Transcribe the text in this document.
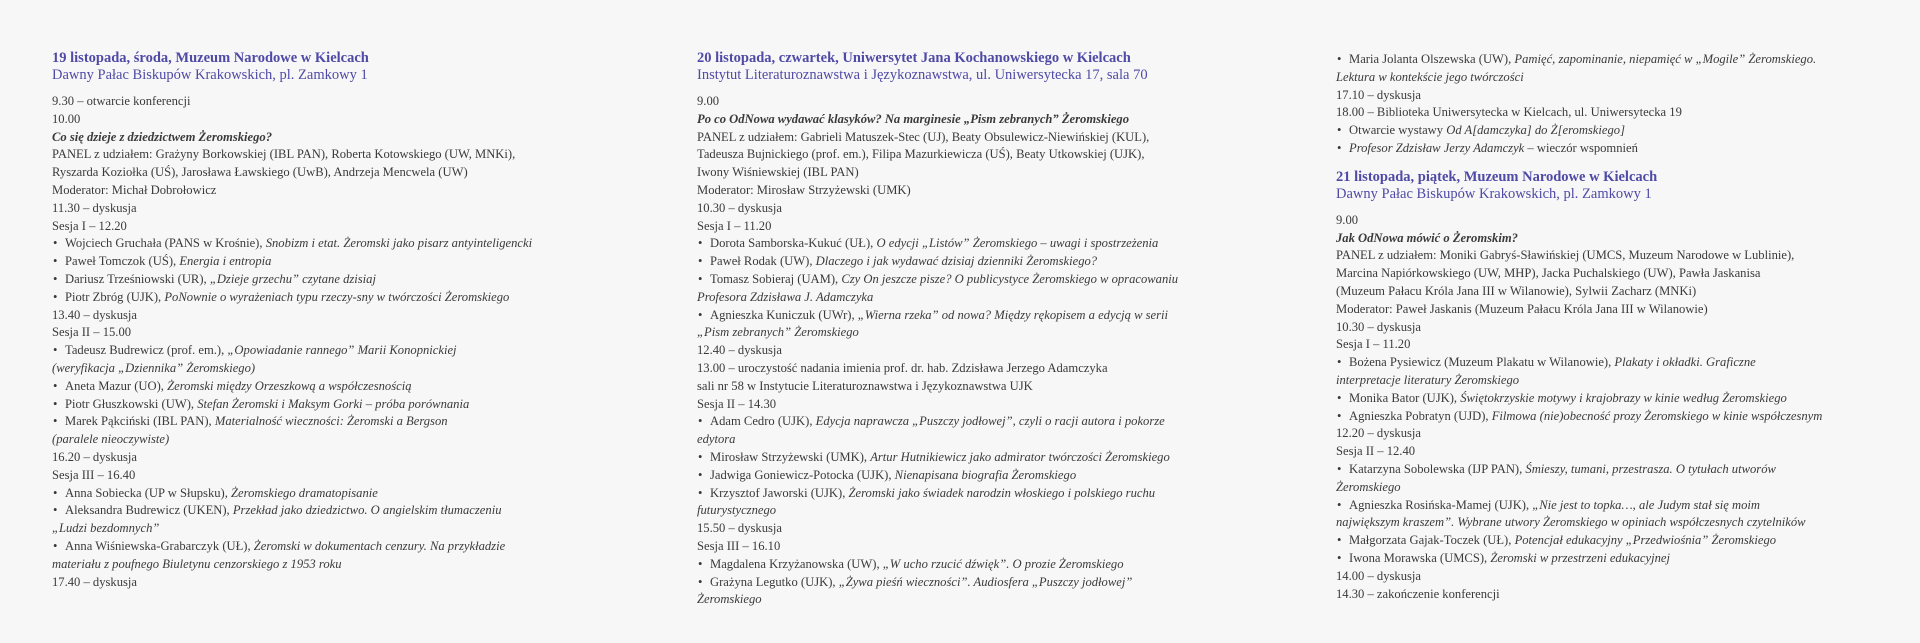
19 listopada, środa, Muzeum Narodowe w Kielcach
Dawny Pałac Biskupów Krakowskich, pl. Zamkowy 1
9.30 – otwarcie konferencji
10.00
Co się dzieje z dziedzictwem Żeromskiego?
PANEL z udziałem: Grażyny Borkowskiej (IBL PAN), Roberta Kotowskiego (UW, MNKi),
Ryszarda Koziołka (UŚ), Jarosława Ławskiego (UwB), Andrzeja Mencwela (UW)
Moderator: Michał Dobrołowicz
11.30 – dyskusja
Sesja I – 12.20
• Wojciech Gruchała (PANS w Krośnie), Snobizm i etat. Żeromski jako pisarz antyinteligencki
• Paweł Tomczok (UŚ), Energia i entropia
• Dariusz Trześniowski (UR), „Dzieje grzechu” czytane dzisiaj
• Piotr Zbróg (UJK), PoNownie o wyrażeniach typu rzeczy-sny w twórczości Żeromskiego
13.40 – dyskusja
Sesja II – 15.00
• Tadeusz Budrewicz (prof. em.), „Opowiadanie rannego” Marii Konopnickiej
(weryfikacja „Dziennika” Żeromskiego)
• Aneta Mazur (UO), Żeromski między Orzeszkową a współczesnością
• Piotr Głuszkowski (UW), Stefan Żeromski i Maksym Gorki – próba porównania
• Marek Pąkciński (IBL PAN), Materialność wieczności: Żeromski a Bergson
(paralele nieoczywiste)
16.20 – dyskusja
Sesja III – 16.40
• Anna Sobiecka (UP w Słupsku), Żeromskiego dramatopisanie
• Aleksandra Budrewicz (UKEN), Przekład jako dziedzictwo. O angielskim tłumaczeniu
„Ludzi bezdomnych”
• Anna Wiśniewska-Grabarczyk (UŁ), Żeromski w dokumentach cenzury. Na przykładzie
materiału z poufnego Biuletynu cenzorskiego z 1953 roku
17.40 – dyskusja
20 listopada, czwartek, Uniwersytet Jana Kochanowskiego w Kielcach
Instytut Literaturoznawstwa i Językoznawstwa, ul. Uniwersytecka 17, sala 70
9.00
Po co OdNowa wydawać klasyków? Na marginesie „Pism zebranych” Żeromskiego
PANEL z udziałem: Gabrieli Matuszek-Stec (UJ), Beaty Obsulewicz-Niewińskiej (KUL),
Tadeusza Bujnickiego (prof. em.), Filipa Mazurkiewicza (UŚ), Beaty Utkowskiej (UJK),
Iwony Wiśniewskiej (IBL PAN)
Moderator: Mirosław Strzyżewski (UMK)
10.30 – dyskusja
Sesja I – 11.20
• Dorota Samborska-Kukuć (UŁ), O edycji „Listów” Żeromskiego – uwagi i spostrzeżenia
• Paweł Rodak (UW), Dlaczego i jak wydawać dzisiaj dzienniki Żeromskiego?
• Tomasz Sobieraj (UAM), Czy On jeszcze pisze? O publicystyce Żeromskiego w opracowaniu
Profesora Zdzisława J. Adamczyka
• Agnieszka Kuniczuk (UWr), „Wierna rzeka” od nowa? Między rękopisem a edycją w serii
„Pism zebranych” Żeromskiego
12.40 – dyskusja
13.00 – uroczystość nadania imienia prof. dr. hab. Zdzisława Jerzego Adamczyka
sali nr 58 w Instytucie Literaturoznawstwa i Językoznawstwa UJK
Sesja II – 14.30
• Adam Cedro (UJK), Edycja naprawcza „Puszczy jodłowej”, czyli o racji autora i pokorze
edytora
• Mirosław Strzyżewski (UMK), Artur Hutnikiewicz jako admirator twórczości Żeromskiego
• Jadwiga Goniewicz-Potocka (UJK), Nienapisana biografia Żeromskiego
• Krzysztof Jaworski (UJK), Żeromski jako świadek narodzin włoskiego i polskiego ruchu
futurystycznego
15.50 – dyskusja
Sesja III – 16.10
• Magdalena Krzyżanowska (UW), „W ucho rzucić dźwięk”. O prozie Żeromskiego
• Grażyna Legutko (UJK), „Żywa pieśń wieczności”. Audiosfera „Puszczy jodłowej”
Żeromskiego
• Maria Jolanta Olszewska (UW), Pamięć, zapominanie, niepamięć w „Mogile” Żeromskiego.
Lektura w kontekście jego twórczości
17.10 – dyskusja
18.00 – Biblioteka Uniwersytecka w Kielcach, ul. Uniwersytecka 19
• Otwarcie wystawy Od A[damczyka] do Ż[eromskiego]
• Profesor Zdzisław Jerzy Adamczyk – wieczór wspomnień
21 listopada, piątek, Muzeum Narodowe w Kielcach
Dawny Pałac Biskupów Krakowskich, pl. Zamkowy 1
9.00
Jak OdNowa mówić o Żeromskim?
PANEL z udziałem: Moniki Gabryś-Sławińskiej (UMCS, Muzeum Narodowe w Lublinie),
Marcina Napiórkowskiego (UW, MHP), Jacka Puchalskiego (UW), Pawła Jaskanisa
(Muzeum Pałacu Króla Jana III w Wilanowie), Sylwii Zacharz (MNKi)
Moderator: Paweł Jaskanis (Muzeum Pałacu Króla Jana III w Wilanowie)
10.30 – dyskusja
Sesja I – 11.20
• Bożena Pysiewicz (Muzeum Plakatu w Wilanowie), Plakaty i okładki. Graficzne
interpretacje literatury Żeromskiego
• Monika Bator (UJK), Świętokrzyskie motywy i krajobrazy w kinie według Żeromskiego
• Agnieszka Pobratyn (UJD), Filmowa (nie)obecność prozy Żeromskiego w kinie współczesnym
12.20 – dyskusja
Sesja II – 12.40
• Katarzyna Sobolewska (IJP PAN), Śmieszy, tumani, przestrasza. O tytułach utworów
Żeromskiego
• Agnieszka Rosińska-Mamej (UJK), „Nie jest to topka…, ale Judym stał się moim
największym kraszem”. Wybrane utwory Żeromskiego w opiniach współczesnych czytelników
• Małgorzata Gajak-Toczek (UŁ), Potencjał edukacyjny „Przedwiośnia” Żeromskiego
• Iwona Morawska (UMCS), Żeromski w przestrzeni edukacyjnej
14.00 – dyskusja
14.30 – zakończenie konferencji
